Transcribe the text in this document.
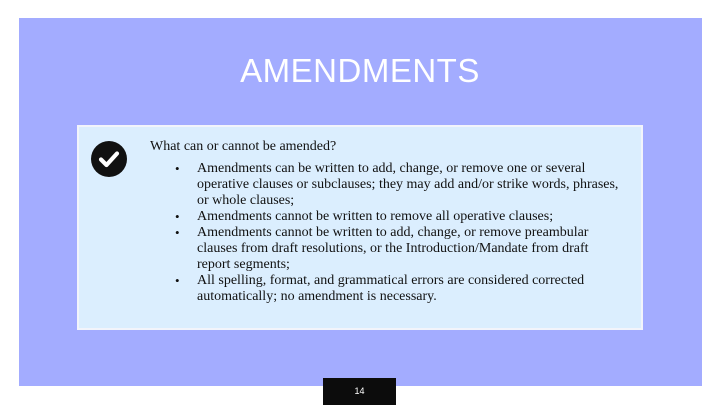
AMENDMENTS

What can or cannot be amended?

• Amendments can be written to add, change, or remove one or several operative clauses or subclauses; they may add and/or strike words, phrases, or whole clauses;
• Amendments cannot be written to remove all operative clauses;
• Amendments cannot be written to add, change, or remove preambular clauses from draft resolutions, or the Introduction/Mandate from draft report segments;
• All spelling, format, and grammatical errors are considered corrected automatically; no amendment is necessary.
14
